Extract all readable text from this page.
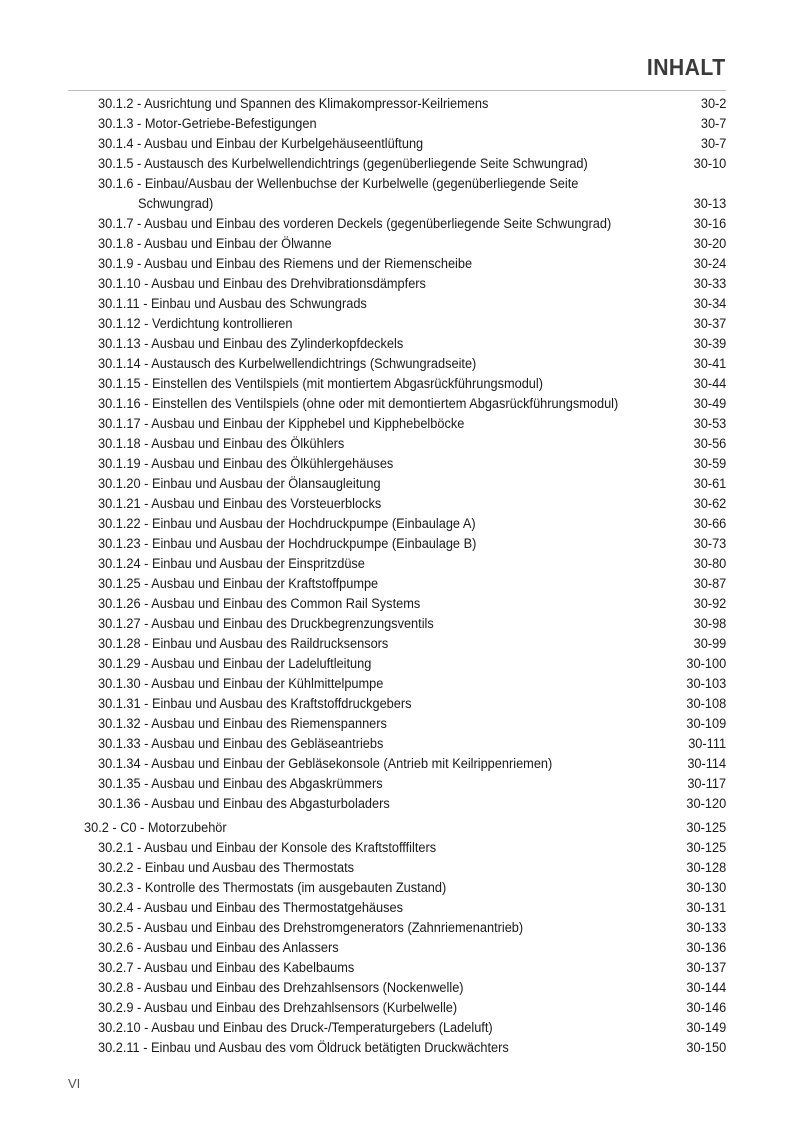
INHALT
30.1.2 - Ausrichtung und Spannen des Klimakompressor-Keilriemens	30-2
30.1.3 - Motor-Getriebe-Befestigungen	30-7
30.1.4 - Ausbau und Einbau der Kurbelgehäuseentlüftung	30-7
30.1.5 - Austausch des Kurbelwellendichtrings (gegenüberliegende Seite Schwungrad)	30-10
30.1.6 - Einbau/Ausbau der Wellenbuchse der Kurbelwelle (gegenüberliegende Seite
Schwungrad)	30-13
30.1.7 - Ausbau und Einbau des vorderen Deckels (gegenüberliegende Seite Schwungrad)	30-16
30.1.8 - Ausbau und Einbau der Ölwanne	30-20
30.1.9 - Ausbau und Einbau des Riemens und der Riemenscheibe	30-24
30.1.10 - Ausbau und Einbau des Drehvibrationsdämpfers	30-33
30.1.11 - Einbau und Ausbau des Schwungrads	30-34
30.1.12 - Verdichtung kontrollieren	30-37
30.1.13 - Ausbau und Einbau des Zylinderkopfdeckels	30-39
30.1.14 - Austausch des Kurbelwellendichtrings (Schwungradseite)	30-41
30.1.15 - Einstellen des Ventilspiels (mit montiertem Abgasrückführungsmodul)	30-44
30.1.16 - Einstellen des Ventilspiels (ohne oder mit demontiertem Abgasrückführungsmodul)	30-49
30.1.17 - Ausbau und Einbau der Kipphebel und Kipphebelböcke	30-53
30.1.18 - Ausbau und Einbau des Ölkühlers	30-56
30.1.19 - Ausbau und Einbau des Ölkühlergehäuses	30-59
30.1.20 - Einbau und Ausbau der Ölansaugleitung	30-61
30.1.21 - Ausbau und Einbau des Vorsteuerblocks	30-62
30.1.22 - Einbau und Ausbau der Hochdruckpumpe (Einbaulage A)	30-66
30.1.23 - Einbau und Ausbau der Hochdruckpumpe (Einbaulage B)	30-73
30.1.24 - Einbau und Ausbau der Einspritzdüse	30-80
30.1.25 - Ausbau und Einbau der Kraftstoffpumpe	30-87
30.1.26 - Ausbau und Einbau des Common Rail Systems	30-92
30.1.27 - Ausbau und Einbau des Druckbegrenzungsventils	30-98
30.1.28 - Einbau und Ausbau des Raildrucksensors	30-99
30.1.29 - Ausbau und Einbau der Ladeluftleitung	30-100
30.1.30 - Ausbau und Einbau der Kühlmittelpumpe	30-103
30.1.31 - Einbau und Ausbau des Kraftstoffdruckgebers	30-108
30.1.32 - Ausbau und Einbau des Riemenspanners	30-109
30.1.33 - Ausbau und Einbau des Gebläseantriebs	30-111
30.1.34 - Ausbau und Einbau der Gebläsekonsole (Antrieb mit Keilrippenriemen)	30-114
30.1.35 - Ausbau und Einbau des Abgaskrümmers	30-117
30.1.36 - Ausbau und Einbau des Abgasturboladers	30-120
30.2 - C0 - Motorzubehör	30-125
30.2.1 - Ausbau und Einbau der Konsole des Kraftstofffilters	30-125
30.2.2 - Einbau und Ausbau des Thermostats	30-128
30.2.3 - Kontrolle des Thermostats (im ausgebauten Zustand)	30-130
30.2.4 - Ausbau und Einbau des Thermostatgehäuses	30-131
30.2.5 - Ausbau und Einbau des Drehstromgenerators (Zahnriemenantrieb)	30-133
30.2.6 - Ausbau und Einbau des Anlassers	30-136
30.2.7 - Ausbau und Einbau des Kabelbaums	30-137
30.2.8 - Ausbau und Einbau des Drehzahlsensors (Nockenwelle)	30-144
30.2.9 - Ausbau und Einbau des Drehzahlsensors (Kurbelwelle)	30-146
30.2.10 - Ausbau und Einbau des Druck-/Temperaturgebers (Ladeluft)	30-149
30.2.11 - Einbau und Ausbau des vom Öldruck betätigten Druckwächters	30-150
VI
